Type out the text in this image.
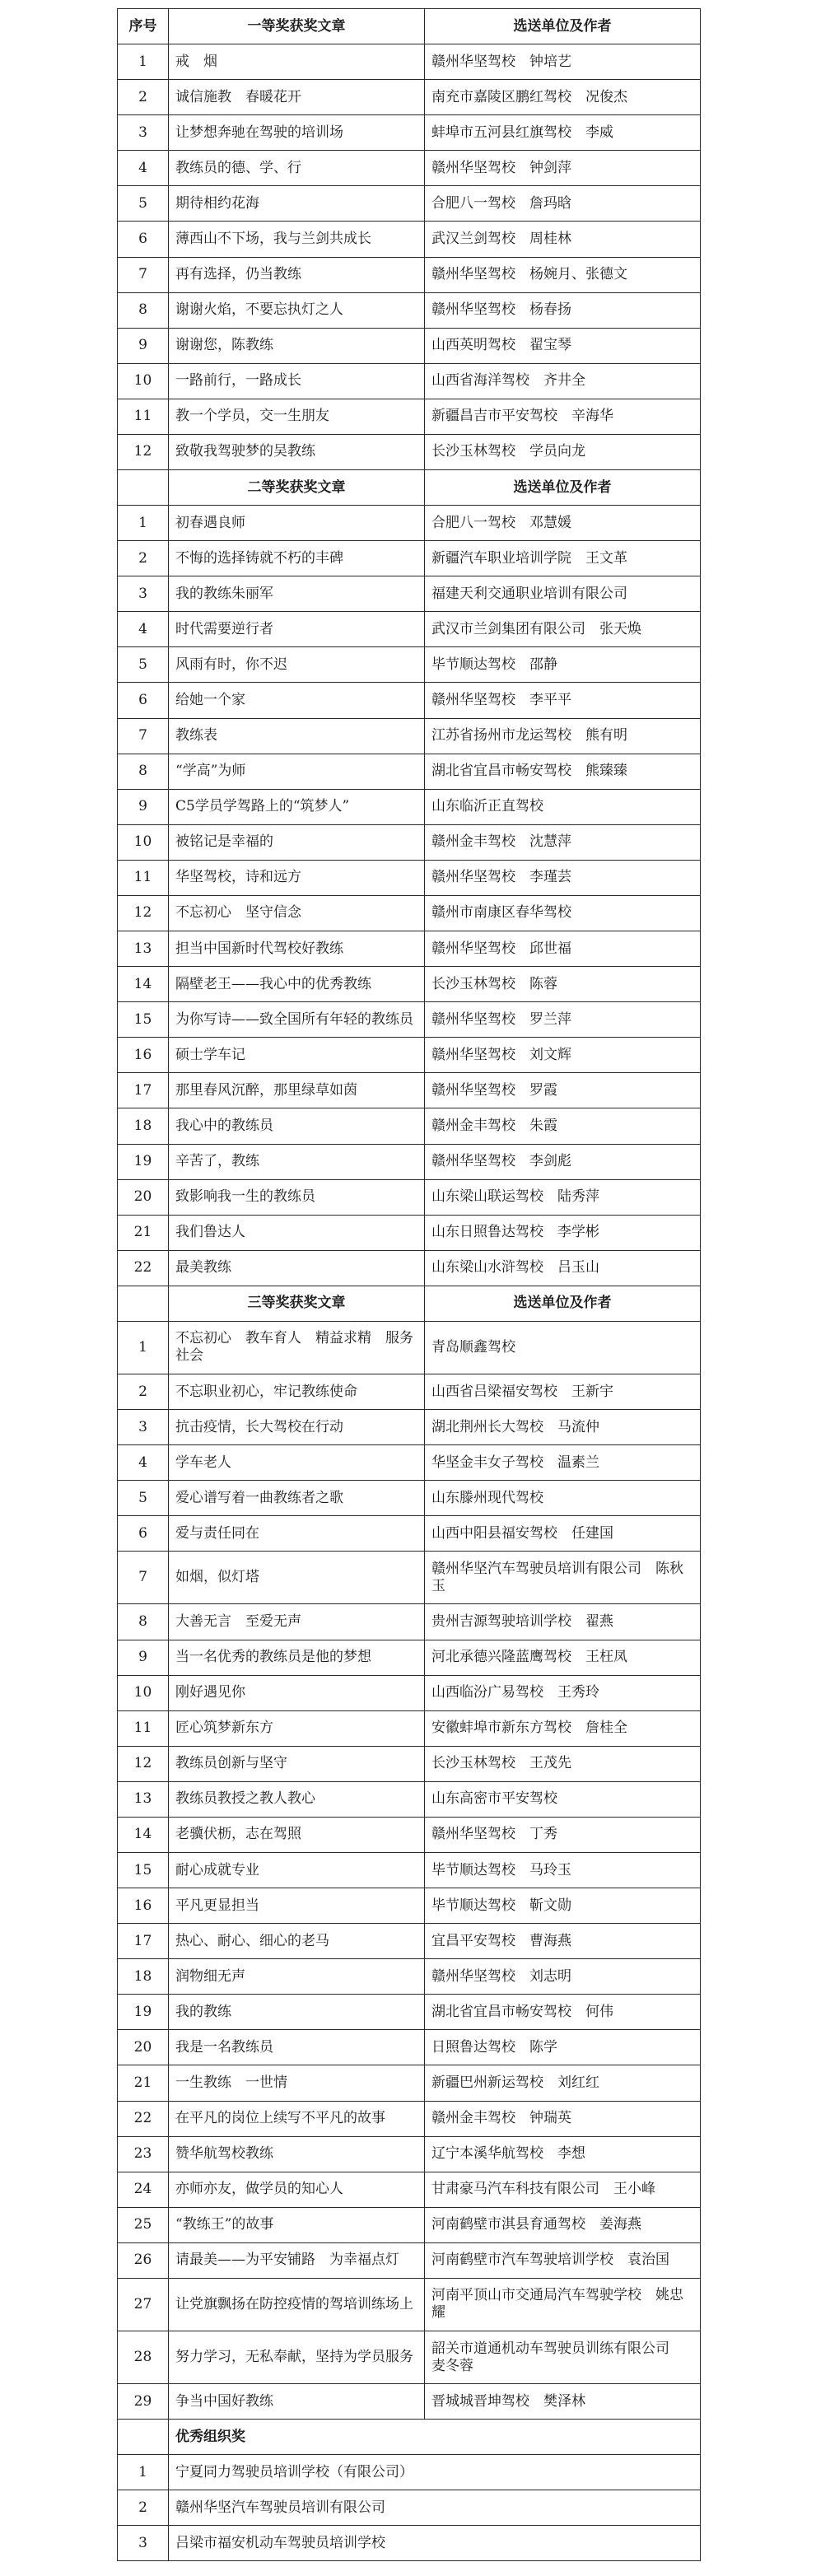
序号	一等奖获奖文章	选送单位及作者
1	戒　烟	赣州华坚驾校　钟培艺
2	诚信施教　春暖花开	南充市嘉陵区鹏红驾校　况俊杰
3	让梦想奔驰在驾驶的培训场	蚌埠市五河县红旗驾校　李威
4	教练员的德、学、行	赣州华坚驾校　钟剑萍
5	期待相约花海	合肥八一驾校　詹玛晗
6	薄西山不下场，我与兰剑共成长	武汉兰剑驾校　周桂林
7	再有选择，仍当教练	赣州华坚驾校　杨婉月、张德文
8	谢谢火焰，不要忘执灯之人	赣州华坚驾校　杨春扬
9	谢谢您，陈教练	山西英明驾校　翟宝琴
10	一路前行，一路成长	山西省海洋驾校　齐井全
11	教一个学员，交一生朋友	新疆昌吉市平安驾校　辛海华
12	致敬我驾驶梦的吴教练	长沙玉林驾校　学员向龙
	二等奖获奖文章	选送单位及作者
1	初春遇良师	合肥八一驾校　邓慧媛
2	不悔的选择铸就不朽的丰碑	新疆汽车职业培训学院　王文革
3	我的教练朱丽军	福建天利交通职业培训有限公司
4	时代需要逆行者	武汉市兰剑集团有限公司　张天焕
5	风雨有时，你不迟	毕节顺达驾校　邵静
6	给她一个家	赣州华坚驾校　李平平
7	教练表	江苏省扬州市龙运驾校　熊有明
8	“学高”为师	湖北省宜昌市畅安驾校　熊臻臻
9	C5学员学驾路上的“筑梦人”	山东临沂正直驾校
10	被铭记是幸福的	赣州金丰驾校　沈慧萍
11	华坚驾校，诗和远方	赣州华坚驾校　李瑾芸
12	不忘初心　坚守信念	赣州市南康区春华驾校
13	担当中国新时代驾校好教练	赣州华坚驾校　邱世福
14	隔壁老王——我心中的优秀教练	长沙玉林驾校　陈蓉
15	为你写诗——致全国所有年轻的教练员	赣州华坚驾校　罗兰萍
16	硕士学车记	赣州华坚驾校　刘文辉
17	那里春风沉醉，那里绿草如茵	赣州华坚驾校　罗霞
18	我心中的教练员	赣州金丰驾校　朱霞
19	辛苦了，教练	赣州华坚驾校　李剑彪
20	致影响我一生的教练员	山东梁山联运驾校　陆秀萍
21	我们鲁达人	山东日照鲁达驾校　李学彬
22	最美教练	山东梁山水浒驾校　吕玉山
	三等奖获奖文章	选送单位及作者
1	不忘初心　教车育人　精益求精　服务社会	青岛顺鑫驾校
2	不忘职业初心，牢记教练使命	山西省吕梁福安驾校　王新宇
3	抗击疫情，长大驾校在行动	湖北荆州长大驾校　马流仲
4	学车老人	华坚金丰女子驾校　温素兰
5	爱心谱写着一曲教练者之歌	山东滕州现代驾校
6	爱与责任同在	山西中阳县福安驾校　任建国
7	如烟，似灯塔	赣州华坚汽车驾驶员培训有限公司　陈秋玉
8	大善无言　至爱无声	贵州吉源驾驶培训学校　翟燕
9	当一名优秀的教练员是他的梦想	河北承德兴隆蓝鹰驾校　王枉凤
10	刚好遇见你	山西临汾广易驾校　王秀玲
11	匠心筑梦新东方	安徽蚌埠市新东方驾校　詹桂全
12	教练员创新与坚守	长沙玉林驾校　王茂先
13	教练员教授之教人教心	山东高密市平安驾校
14	老骥伏枥，志在驾照	赣州华坚驾校　丁秀
15	耐心成就专业	毕节顺达驾校　马玲玉
16	平凡更显担当	毕节顺达驾校　靳文勋
17	热心、耐心、细心的老马	宜昌平安驾校　曹海燕
18	润物细无声	赣州华坚驾校　刘志明
19	我的教练	湖北省宜昌市畅安驾校　何伟
20	我是一名教练员	日照鲁达驾校　陈学
21	一生教练　一世情	新疆巴州新运驾校　刘红红
22	在平凡的岗位上续写不平凡的故事	赣州金丰驾校　钟瑞英
23	赞华航驾校教练	辽宁本溪华航驾校　李想
24	亦师亦友，做学员的知心人	甘肃豪马汽车科技有限公司　王小峰
25	“教练王”的故事	河南鹤壁市淇县育通驾校　姜海燕
26	请最美——为平安铺路　为幸福点灯	河南鹤壁市汽车驾驶培训学校　袁治国
27	让党旗飘扬在防控疫情的驾培训练场上	河南平顶山市交通局汽车驾驶学校　姚忠耀
28	努力学习，无私奉献，坚持为学员服务	韶关市道通机动车驾驶员训练有限公司　麦冬蓉
29	争当中国好教练	晋城城晋坤驾校　樊泽林
	优秀组织奖	
1	宁夏同力驾驶员培训学校（有限公司）	
2	赣州华坚汽车驾驶员培训有限公司	
3	吕梁市福安机动车驾驶员培训学校	
